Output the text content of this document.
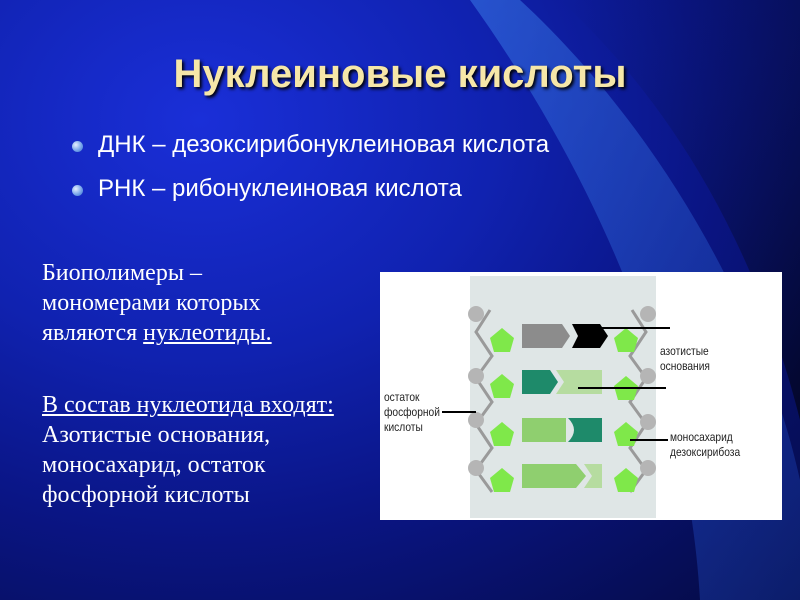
Нуклеиновые кислоты
ДНК – дезоксирибонуклеиновая кислота
РНК – рибонуклеиновая кислота

Биополимеры –
мономерами которых
являются нуклеотиды.

В состав нуклеотида входят: Азотистые основания, моносахарид, остаток фосфорной кислоты

азотистые
основания
остаток
фосфорной
кислоты
моносахарид
дезоксирибоза
